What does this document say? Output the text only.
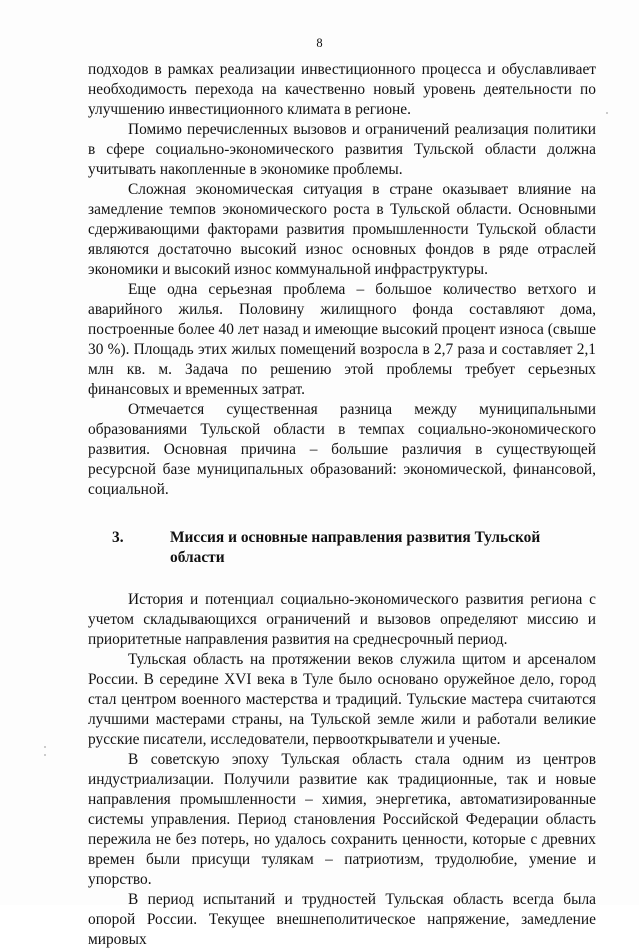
8

подходов в рамках реализации инвестиционного процесса и обуславливает необходимость перехода на качественно новый уровень деятельности по улучшению инвестиционного климата в регионе.

Помимо перечисленных вызовов и ограничений реализация политики в сфере социально-экономического развития Тульской области должна учитывать накопленные в экономике проблемы.

Сложная экономическая ситуация в стране оказывает влияние на замедление темпов экономического роста в Тульской области. Основными сдерживающими факторами развития промышленности Тульской области являются достаточно высокий износ основных фондов в ряде отраслей экономики и высокий износ коммунальной инфраструктуры.

Еще одна серьезная проблема – большое количество ветхого и аварийного жилья. Половину жилищного фонда составляют дома, построенные более 40 лет назад и имеющие высокий процент износа (свыше 30 %). Площадь этих жилых помещений возросла в 2,7 раза и составляет 2,1 млн кв. м. Задача по решению этой проблемы требует серьезных финансовых и временных затрат.

Отмечается существенная разница между муниципальными образованиями Тульской области в темпах социально-экономического развития. Основная причина – большие различия в существующей ресурсной базе муниципальных образований: экономической, финансовой, социальной.

3.	Миссия и основные направления развития Тульской области

История и потенциал социально-экономического развития региона с учетом складывающихся ограничений и вызовов определяют миссию и приоритетные направления развития на среднесрочный период.

Тульская область на протяжении веков служила щитом и арсеналом России. В середине XVI века в Туле было основано оружейное дело, город стал центром военного мастерства и традиций. Тульские мастера считаются лучшими мастерами страны, на Тульской земле жили и работали великие русские писатели, исследователи, первооткрыватели и ученые.

В советскую эпоху Тульская область стала одним из центров индустриализации. Получили развитие как традиционные, так и новые направления промышленности – химия, энергетика, автоматизированные системы управления. Период становления Российской Федерации область пережила не без потерь, но удалось сохранить ценности, которые с древних времен были присущи тулякам – патриотизм, трудолюбие, умение и упорство.

В период испытаний и трудностей Тульская область всегда была опорой России. Текущее внешнеполитическое напряжение, замедление мировых
